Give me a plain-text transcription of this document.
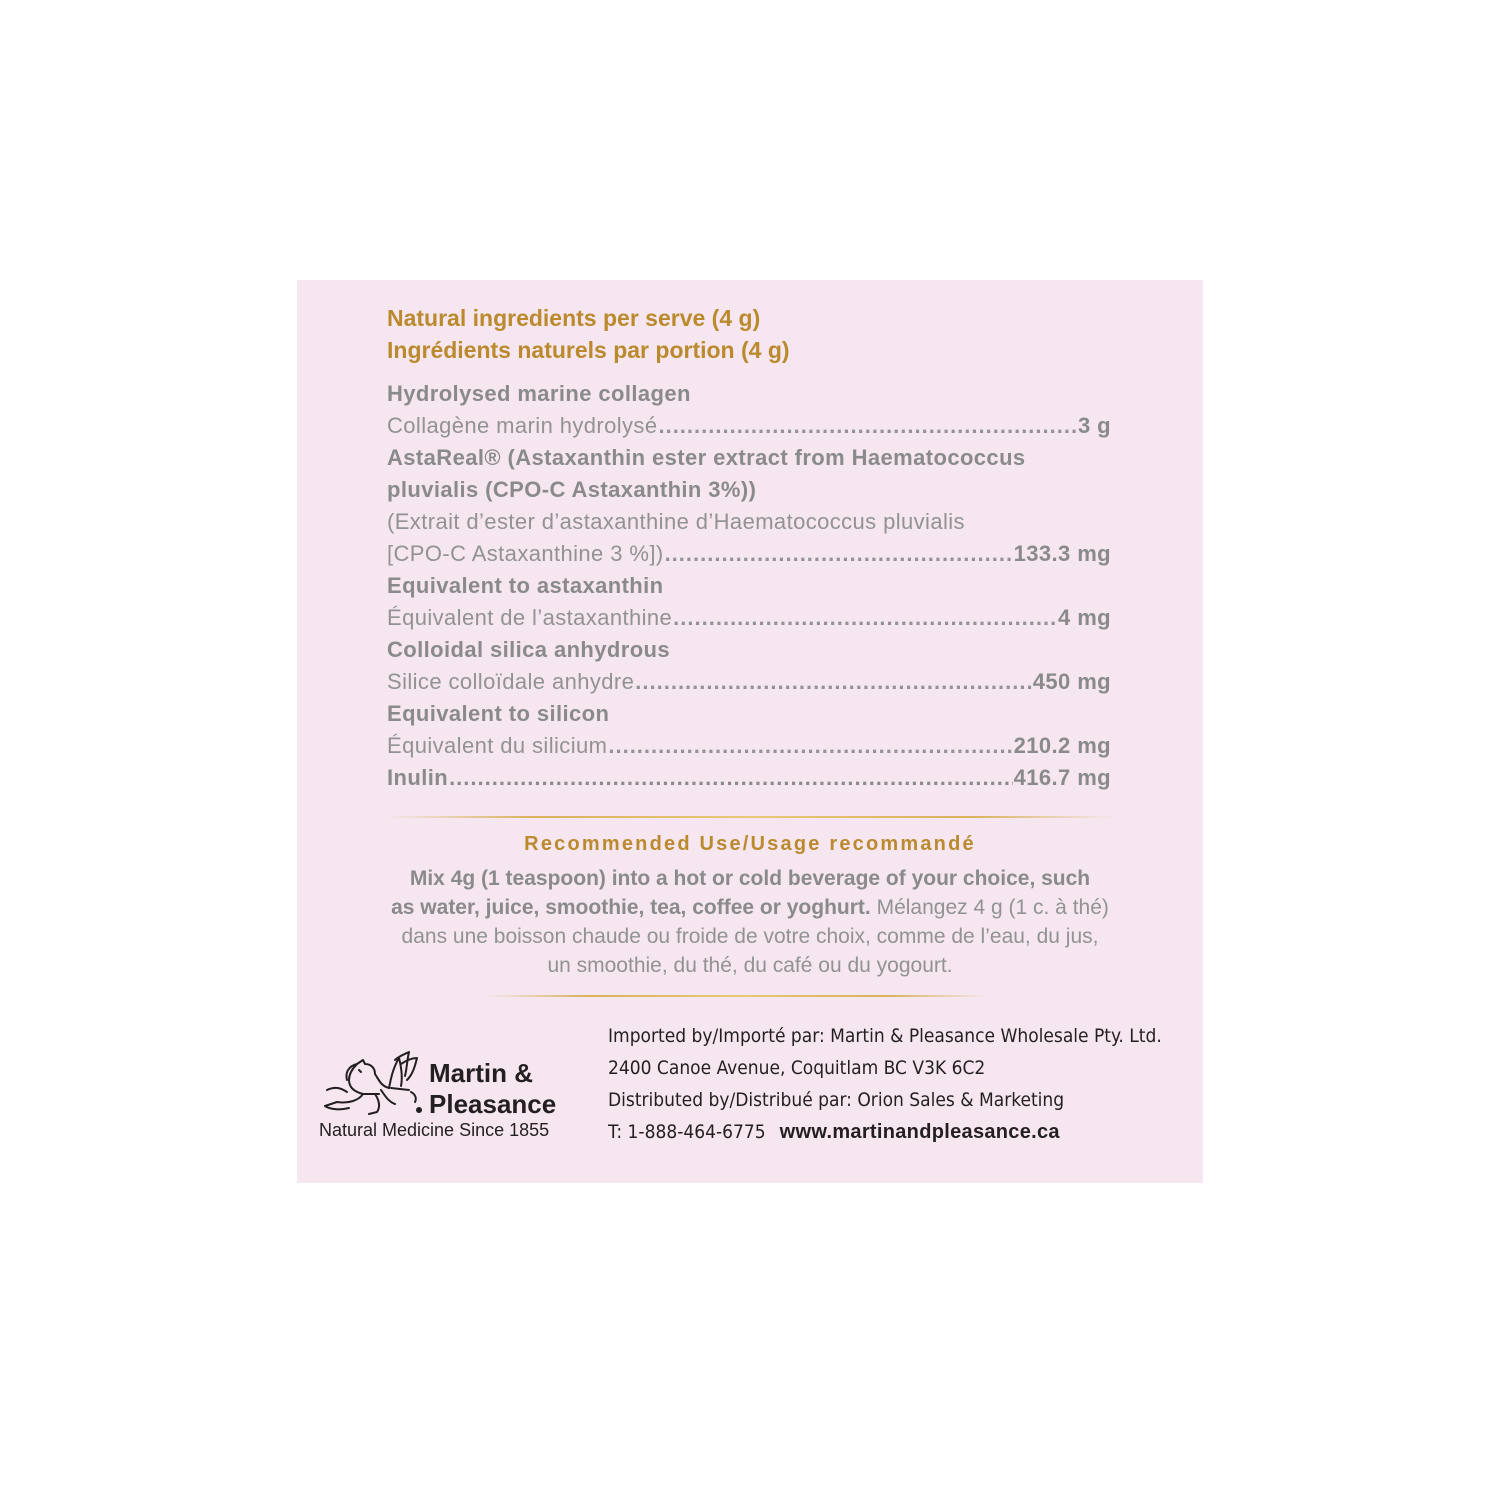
Natural ingredients per serve (4 g)
Ingrédients naturels par portion (4 g)
Hydrolysed marine collagen
Collagène marin hydrolysé .....	3 g
AstaReal® (Astaxanthin ester extract from Haematococcus
pluvialis (CPO-C Astaxanthin 3%))
(Extrait d’ester d’astaxanthine d’Haematococcus pluvialis
[CPO-C Astaxanthine 3 %]) .....	133.3 mg
Equivalent to astaxanthin
Équivalent de l’astaxanthine .....	4 mg
Colloidal silica anhydrous
Silice colloïdale anhydre .....	450 mg
Equivalent to silicon
Équivalent du silicium .....	210.2 mg
Inulin .....	416.7 mg
Recommended Use/Usage recommandé
Mix 4g (1 teaspoon) into a hot or cold beverage of your choice, such
as water, juice, smoothie, tea, coffee or yoghurt. Mélangez 4 g (1 c. à thé)
dans une boisson chaude ou froide de votre choix, comme de l’eau, du jus,
un smoothie, du thé, du café ou du yogourt.
Martin &
Pleasance
Natural Medicine Since 1855
Imported by/Importé par: Martin & Pleasance Wholesale Pty. Ltd.
2400 Canoe Avenue, Coquitlam BC V3K 6C2
Distributed by/Distribué par: Orion Sales & Marketing
T: 1-888-464-6775 www.martinandpleasance.ca
